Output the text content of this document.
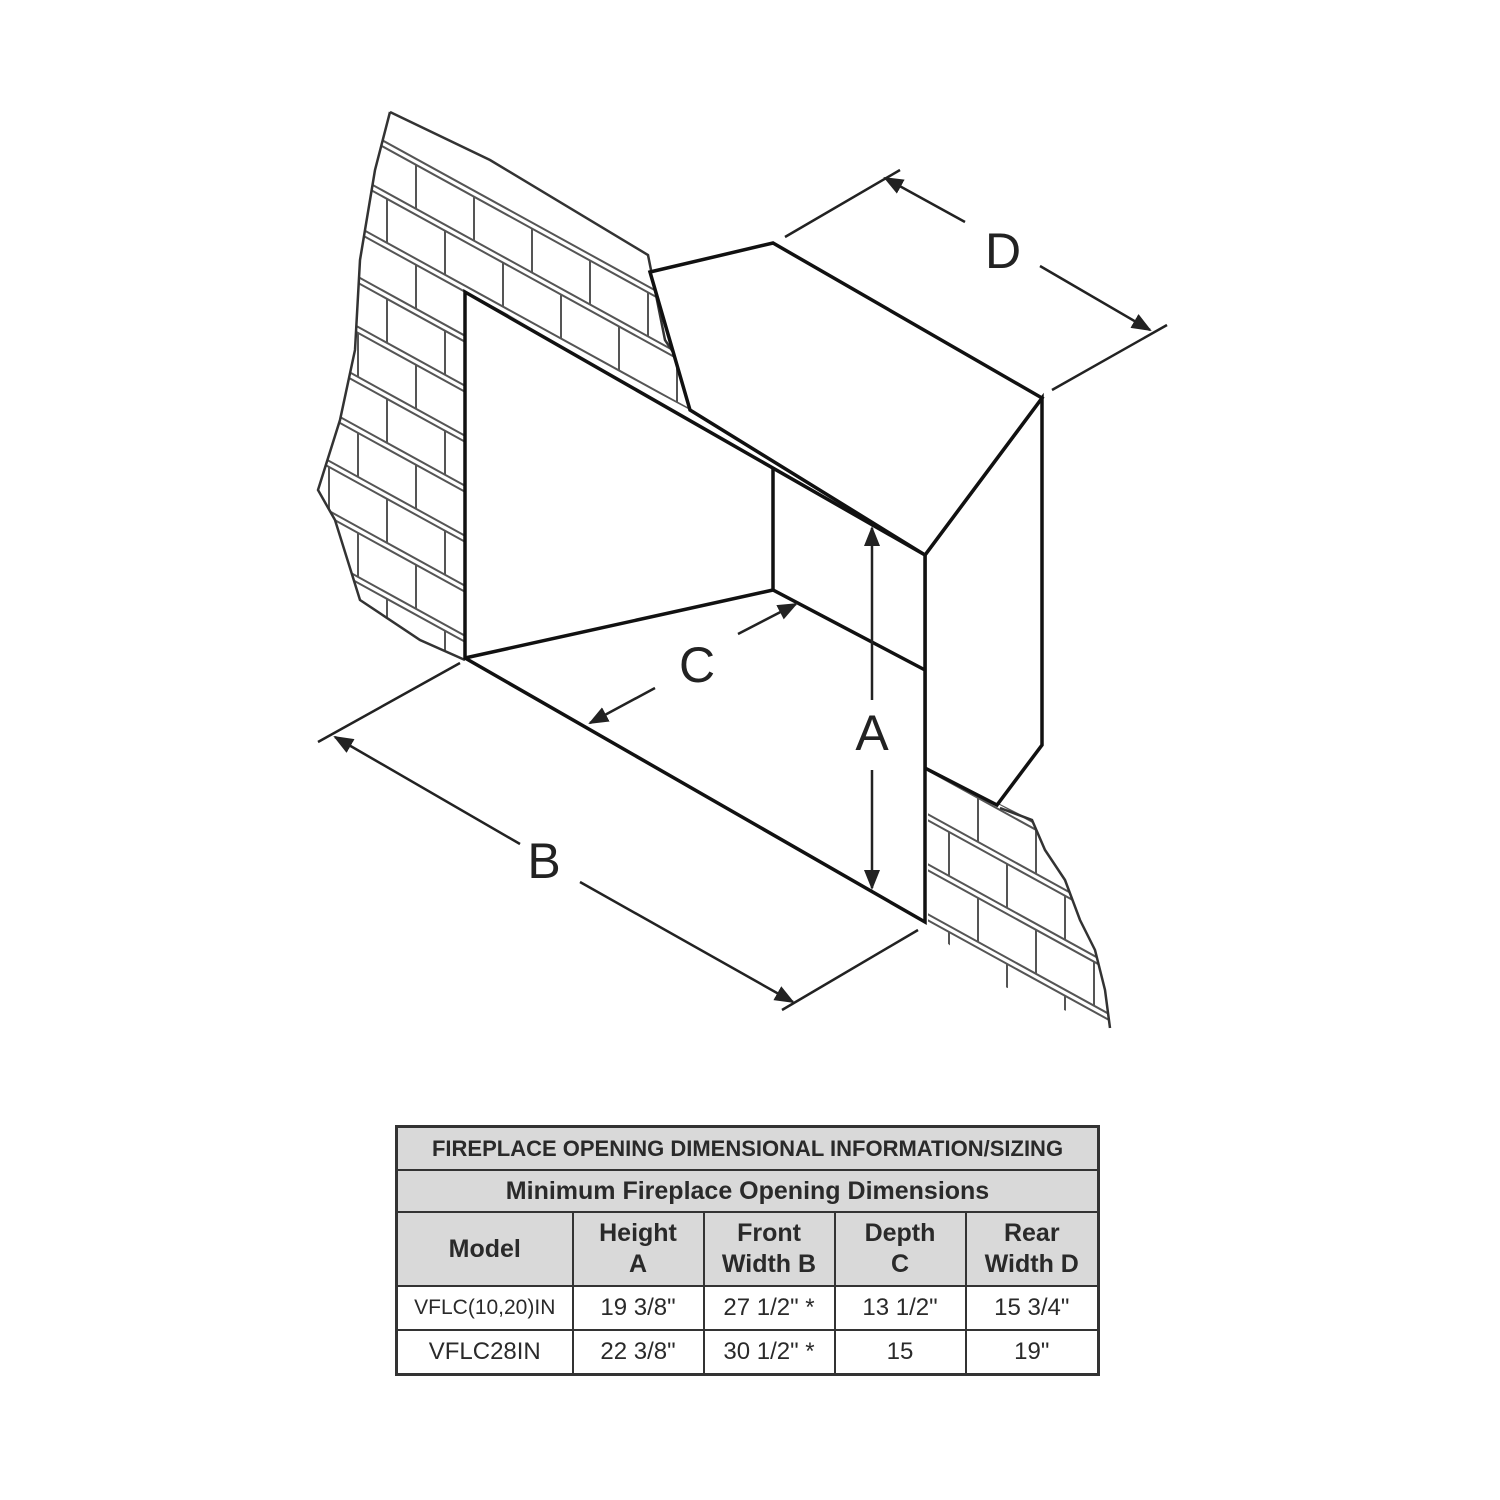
A
C
B
D
FIREPLACE OPENING DIMENSIONAL INFORMATION/SIZING				
Minimum Fireplace Opening Dimensions				
Model	Height
A	Front
Width B	Depth
C	Rear
Width D
VFLC(10,20)IN	19 3/8"	27 1/2" *	13 1/2"	15 3/4"
VFLC28IN	22 3/8"	30 1/2" *	15	19"
